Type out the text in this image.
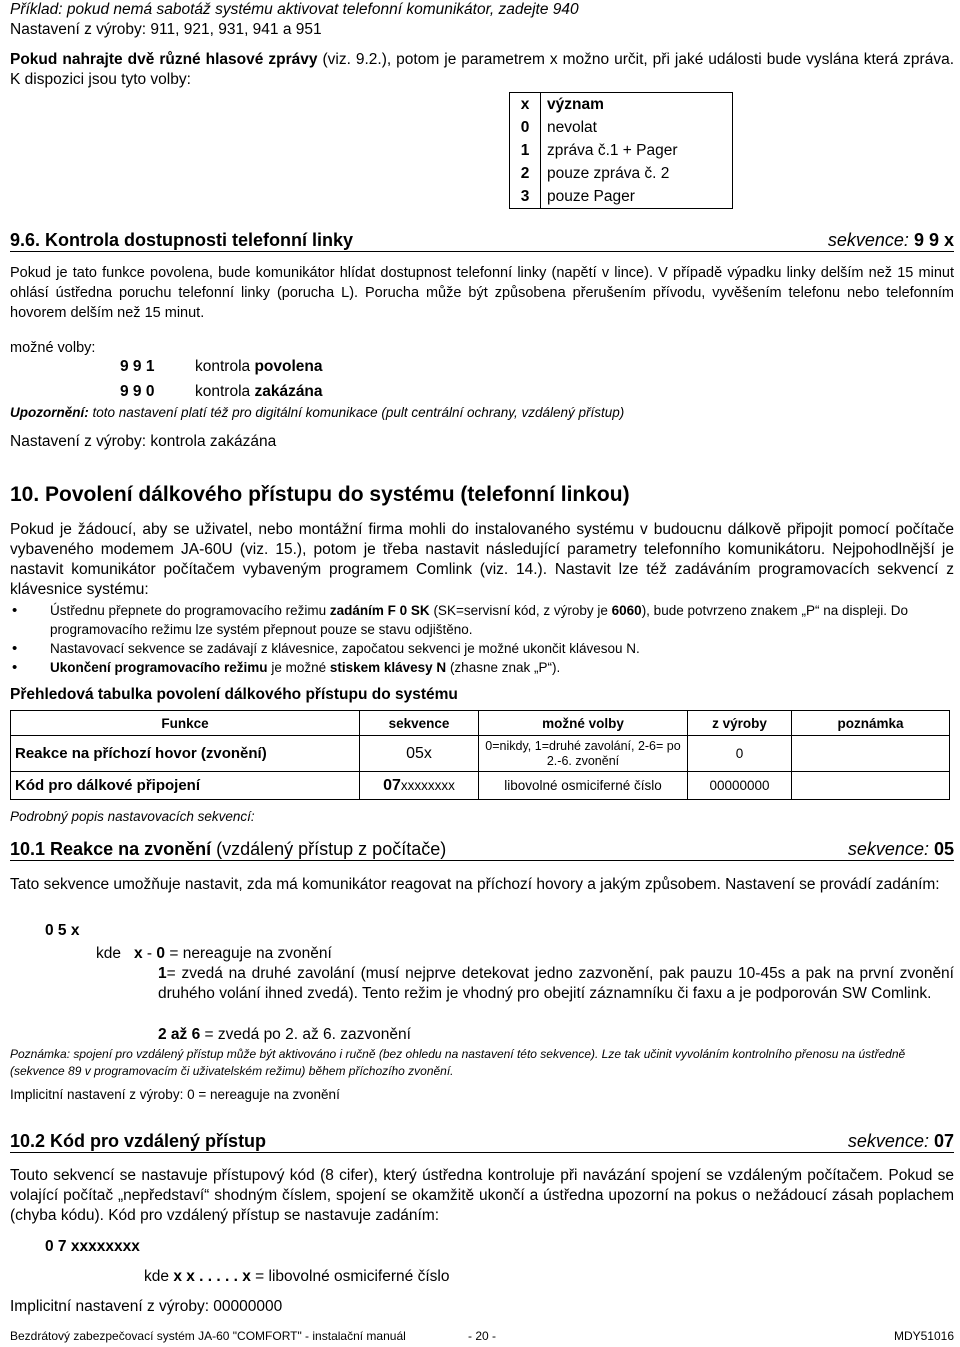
Příklad: pokud nemá sabotáž systému aktivovat telefonní komunikátor, zadejte 940

Nastavení z výroby: 911, 921, 931, 941 a 951

Pokud nahrajte dvě různé hlasové zprávy (viz. 9.2.), potom je parametrem x možno určit, při jaké události bude vyslána která zpráva. K dispozici jsou tyto volby:

x	význam
0	nevolat
1	zpráva č.1 + Pager
2	pouze zpráva č. 2
3	pouze Pager
9.6. Kontrola dostupnosti telefonní linky	sekvence: 9 9 x

Pokud je tato funkce povolena, bude komunikátor hlídat dostupnost telefonní linky (napětí v lince). V případě výpadku linky delším než 15 minut ohlásí ústředna poruchu telefonní linky (porucha L). Porucha může být způsobena přerušením přívodu, vyvěšením telefonu nebo telefonním hovorem delším než 15 minut.

možné volby:

9 9 1	kontrola povolena

9 9 0	kontrola zakázána

Upozornění: toto nastavení platí též pro digitální komunikace (pult centrální ochrany, vzdálený přístup)

Nastavení z výroby: kontrola zakázána

10. Povolení dálkového přístupu do systému (telefonní linkou)

Pokud je žádoucí, aby se uživatel, nebo montážní firma mohli do instalovaného systému v budoucnu dálkově připojit pomocí počítače vybaveného modemem JA-60U (viz. 15.), potom je třeba nastavit následující parametry telefonního komunikátoru. Nejpohodlnější je nastavit komunikátor počítačem vybaveným programem Comlink (viz. 14.). Nastavit lze též zadáváním programovacích sekvencí z klávesnice systému:

• Ústřednu přepnete do programovacího režimu zadáním F 0 SK (SK=servisní kód, z výroby je 6060), bude potvrzeno znakem „P“ na displeji. Do programovacího režimu lze systém přepnout pouze se stavu odjištěno.
• Nastavovací sekvence se zadávají z klávesnice, započatou sekvenci je možné ukončit klávesou N.
• Ukončení programovacího režimu je možné stiskem klávesy N (zhasne znak „P“).

Přehledová tabulka povolení dálkového přístupu do systému

Funkce	sekvence	možné volby	z výroby	poznámka
Reakce na příchozí hovor (zvonění)	05x	0=nikdy, 1=druhé zavolání, 2-6= po 2.-6. zvonění	0	
Kód pro dálkové připojení	07xxxxxxxx	libovolné osmiciferné číslo	00000000	

Podrobný popis nastavovacích sekvencí:

10.1 Reakce na zvonění (vzdálený přístup z počítače)	sekvence: 05

Tato sekvence umožňuje nastavit, zda má komunikátor reagovat na příchozí hovory a jakým způsobem. Nastavení se provádí zadáním:

0 5 x

kde x - 0 = nereaguje na zvonění

1= zvedá na druhé zavolání (musí nejprve detekovat jedno zazvonění, pak pauzu 10-45s a pak na první zvonění druhého volání ihned zvedá). Tento režim je vhodný pro obejití záznamníku či faxu a je podporován SW Comlink.

2 až 6 = zvedá po 2. až 6. zazvonění

Poznámka: spojení pro vzdálený přístup může být aktivováno i ručně (bez ohledu na nastavení této sekvence). Lze tak učinit vyvoláním kontrolního přenosu na ústředně (sekvence 89 v programovacím či uživatelském režimu) během příchozího zvonění.

Implicitní nastavení z výroby: 0 = nereaguje na zvonění

10.2 Kód pro vzdálený přístup	sekvence: 07

Touto sekvencí se nastavuje přístupový kód (8 cifer), který ústředna kontroluje při navázání spojení se vzdáleným počítačem. Pokud se volající počítač „nepředstaví“ shodným číslem, spojení se okamžitě ukončí a ústředna upozorní na pokus o nežádoucí zásah poplachem (chyba kódu). Kód pro vzdálený přístup se nastavuje zadáním:

0 7 xxxxxxxx

kde x x . . . . . x = libovolné osmiciferné číslo

Implicitní nastavení z výroby: 00000000

Bezdrátový zabezpečovací systém JA-60 "COMFORT" - instalační manuál	- 20 -	MDY51016
